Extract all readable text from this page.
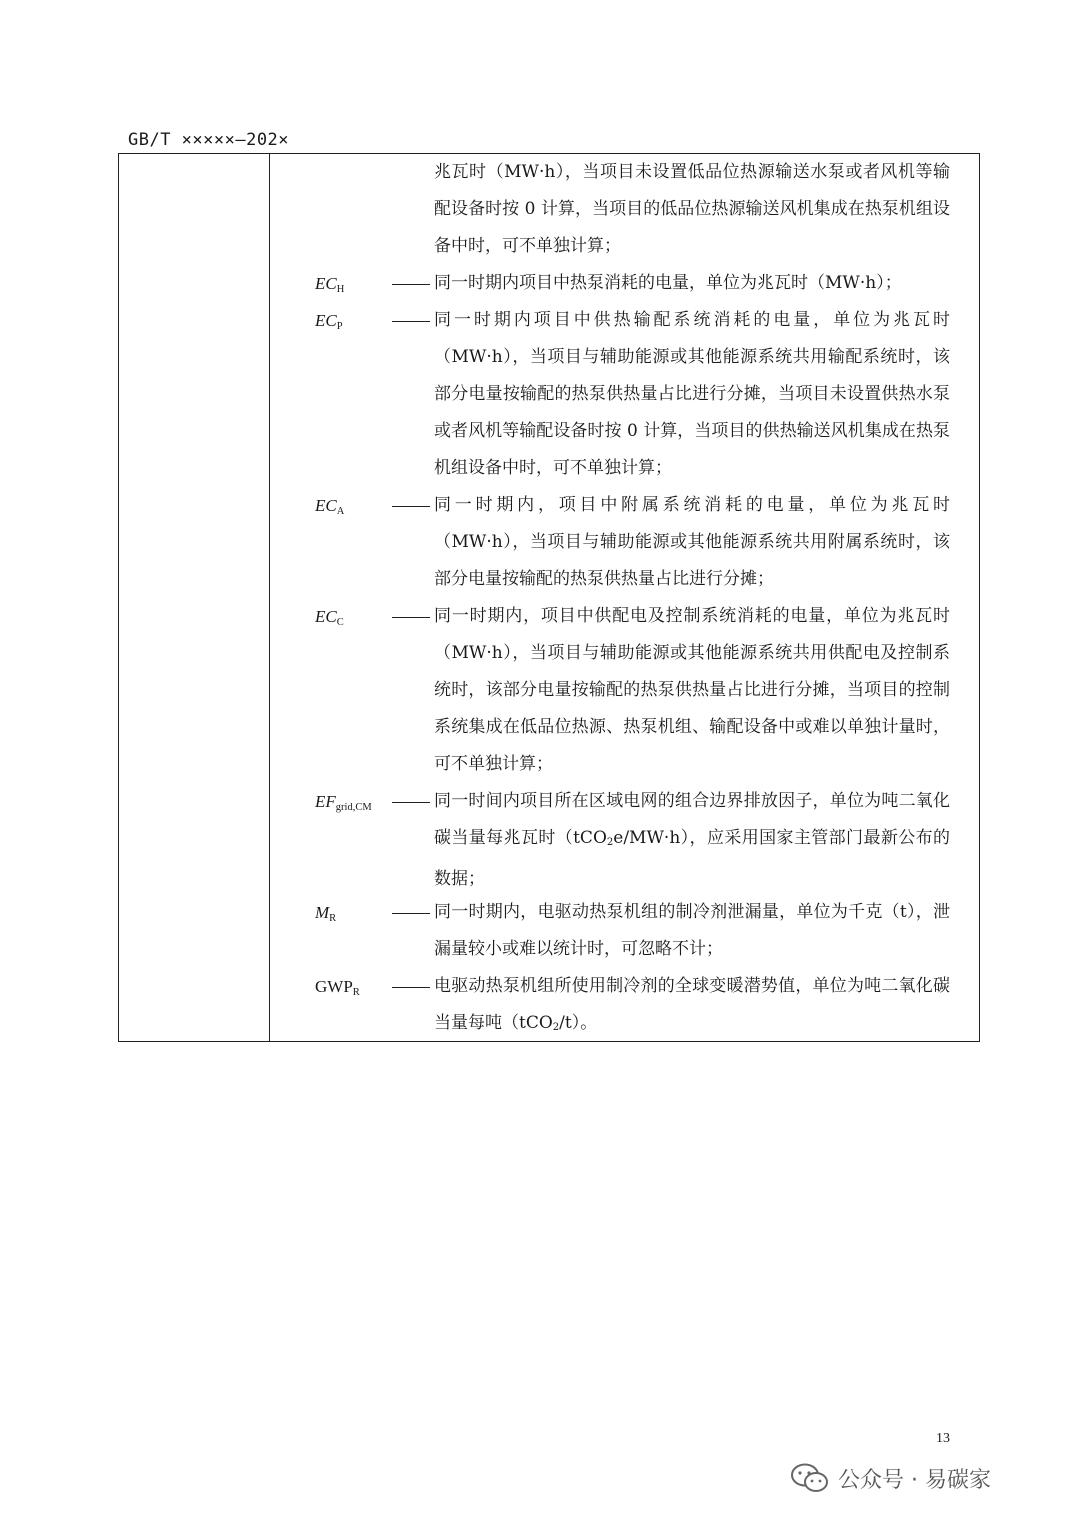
GB/T ×××××—202×
兆瓦时（MW·h），当项目未设置低品位热源输送水泵或者风机等输配设备时按 0 计算，当项目的低品位热源输送风机集成在热泵机组设备中时，可不单独计算；
$EC_H$	同一时期内项目中热泵消耗的电量，单位为兆瓦时（MW·h）；
$EC_P$	同一时期内项目中供热输配系统消耗的电量，单位为兆瓦时（MW·h），当项目与辅助能源或其他能源系统共用输配系统时，该部分电量按输配的热泵供热量占比进行分摊，当项目未设置供热水泵或者风机等输配设备时按 0 计算，当项目的供热输送风机集成在热泵机组设备中时，可不单独计算；
$EC_A$	同一时期内，项目中附属系统消耗的电量，单位为兆瓦时（MW·h），当项目与辅助能源或其他能源系统共用附属系统时，该部分电量按输配的热泵供热量占比进行分摊；
$EC_C$	同一时期内，项目中供配电及控制系统消耗的电量，单位为兆瓦时（MW·h），当项目与辅助能源或其他能源系统共用供配电及控制系统时，该部分电量按输配的热泵供热量占比进行分摊，当项目的控制系统集成在低品位热源、热泵机组、输配设备中或难以单独计量时，可不单独计算；
$EF_{grid,CM}$	同一时间内项目所在区域电网的组合边界排放因子，单位为吨二氧化碳当量每兆瓦时（tCO$_2$e/MW·h），应采用国家主管部门最新公布的数据；
$M_R$	同一时期内，电驱动热泵机组的制冷剂泄漏量，单位为千克（t），泄漏量较小或难以统计时，可忽略不计；
$GWP_R$	电驱动热泵机组所使用制冷剂的全球变暖潜势值，单位为吨二氧化碳当量每吨（tCO$_2$/t）。
13
公众号 · 易碳家
